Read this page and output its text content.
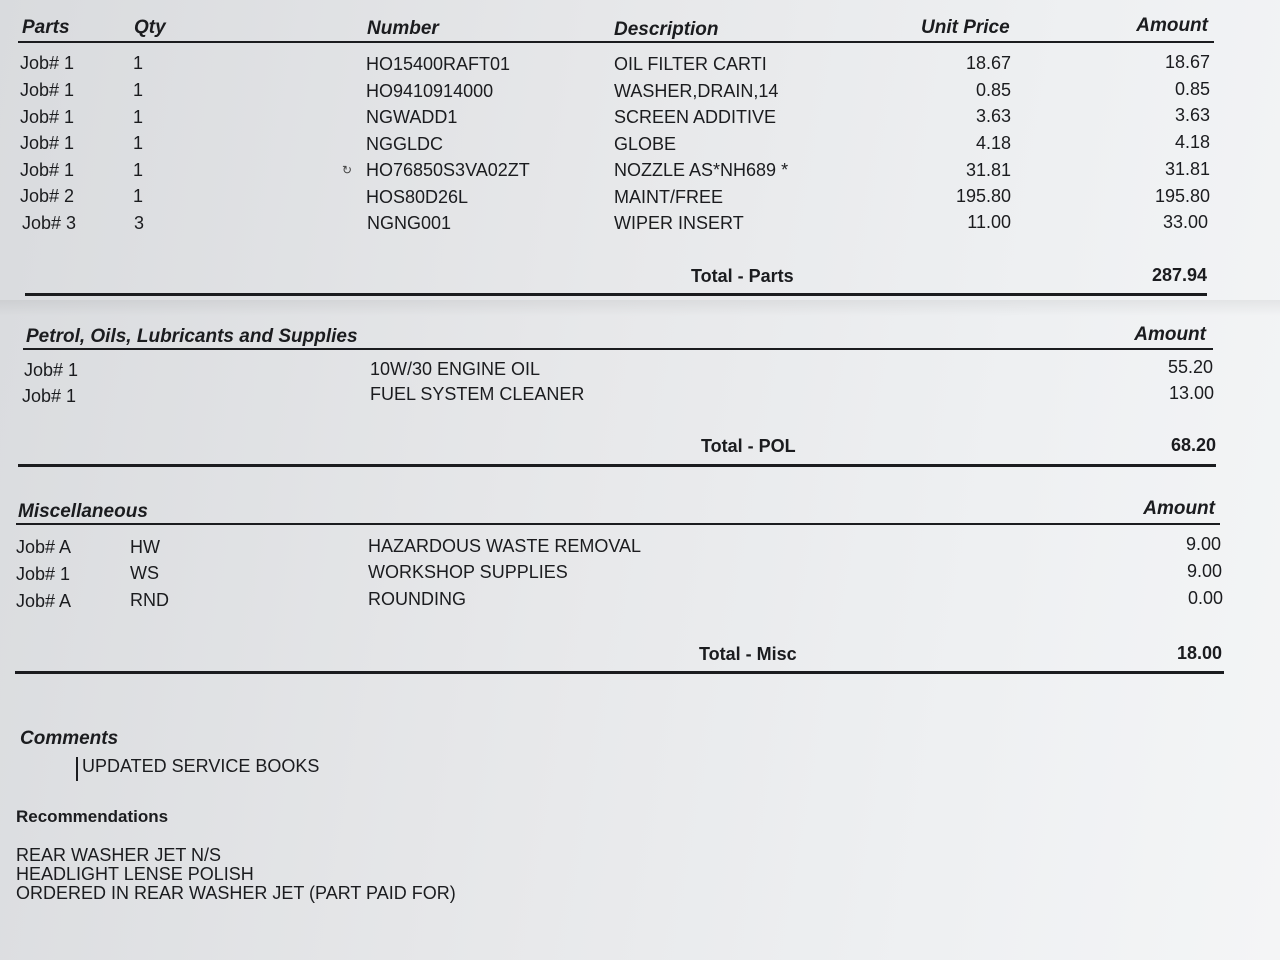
Parts	Qty	Number	Description	Unit Price	Amount
Job# 1	1	HO15400RAFT01	OIL FILTER CARTI	18.67	18.67
Job# 1	1	HO9410914000	WASHER,DRAIN,14	0.85	0.85
Job# 1	1	NGWADD1	SCREEN ADDITIVE	3.63	3.63
Job# 1	1	NGGLDC	GLOBE	4.18	4.18
Job# 1	1	↻ HO76850S3VA02ZT	NOZZLE AS*NH689 *	31.81	31.81
Job# 2	1	HOS80D26L	MAINT/FREE	195.80	195.80
Job# 3	3	NGNG001	WIPER INSERT	11.00	33.00
Total - Parts	287.94
Petrol, Oils, Lubricants and Supplies	Amount
Job# 1	10W/30 ENGINE OIL	55.20
Job# 1	FUEL SYSTEM CLEANER	13.00
Total - POL	68.20
Miscellaneous	Amount
Job# A	HW	HAZARDOUS WASTE REMOVAL	9.00
Job# 1	WS	WORKSHOP SUPPLIES	9.00
Job# A	RND	ROUNDING	0.00
Total - Misc	18.00
Comments
UPDATED SERVICE BOOKS
Recommendations
REAR WASHER JET N/S
HEADLIGHT LENSE POLISH
ORDERED IN REAR WASHER JET (PART PAID FOR)
